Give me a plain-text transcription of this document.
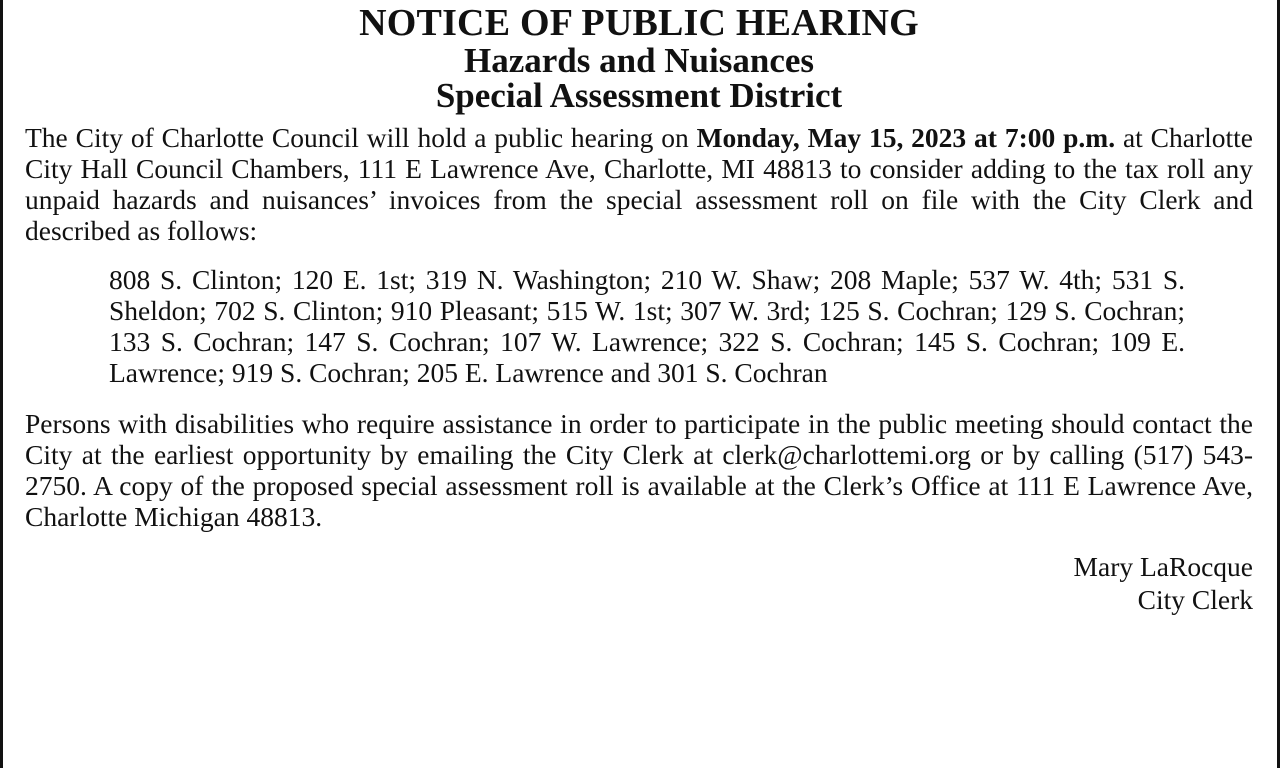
NOTICE OF PUBLIC HEARING
Hazards and Nuisances
Special Assessment District

The City of Charlotte Council will hold a public hearing on Monday, May 15, 2023 at 7:00 p.m. at Charlotte City Hall Council Chambers, 111 E Lawrence Ave, Charlotte, MI 48813 to consider adding to the tax roll any unpaid hazards and nuisances’ invoices from the special assessment roll on file with the City Clerk and described as follows:

808 S. Clinton; 120 E. 1st; 319 N. Washington; 210 W. Shaw; 208 Maple; 537 W. 4th; 531 S. Sheldon; 702 S. Clinton; 910 Pleasant; 515 W. 1st; 307 W. 3rd; 125 S. Cochran; 129 S. Cochran; 133 S. Cochran; 147 S. Cochran; 107 W. Lawrence; 322 S. Cochran; 145 S. Cochran; 109 E. Lawrence; 919 S. Cochran; 205 E. Lawrence and 301 S. Cochran

Persons with disabilities who require assistance in order to participate in the public meeting should contact the City at the earliest opportunity by emailing the City Clerk at clerk@charlottemi.org or by calling (517) 543-2750. A copy of the proposed special assessment roll is available at the Clerk’s Office at 111 E Lawrence Ave, Charlotte Michigan 48813.

Mary LaRocque
City Clerk
